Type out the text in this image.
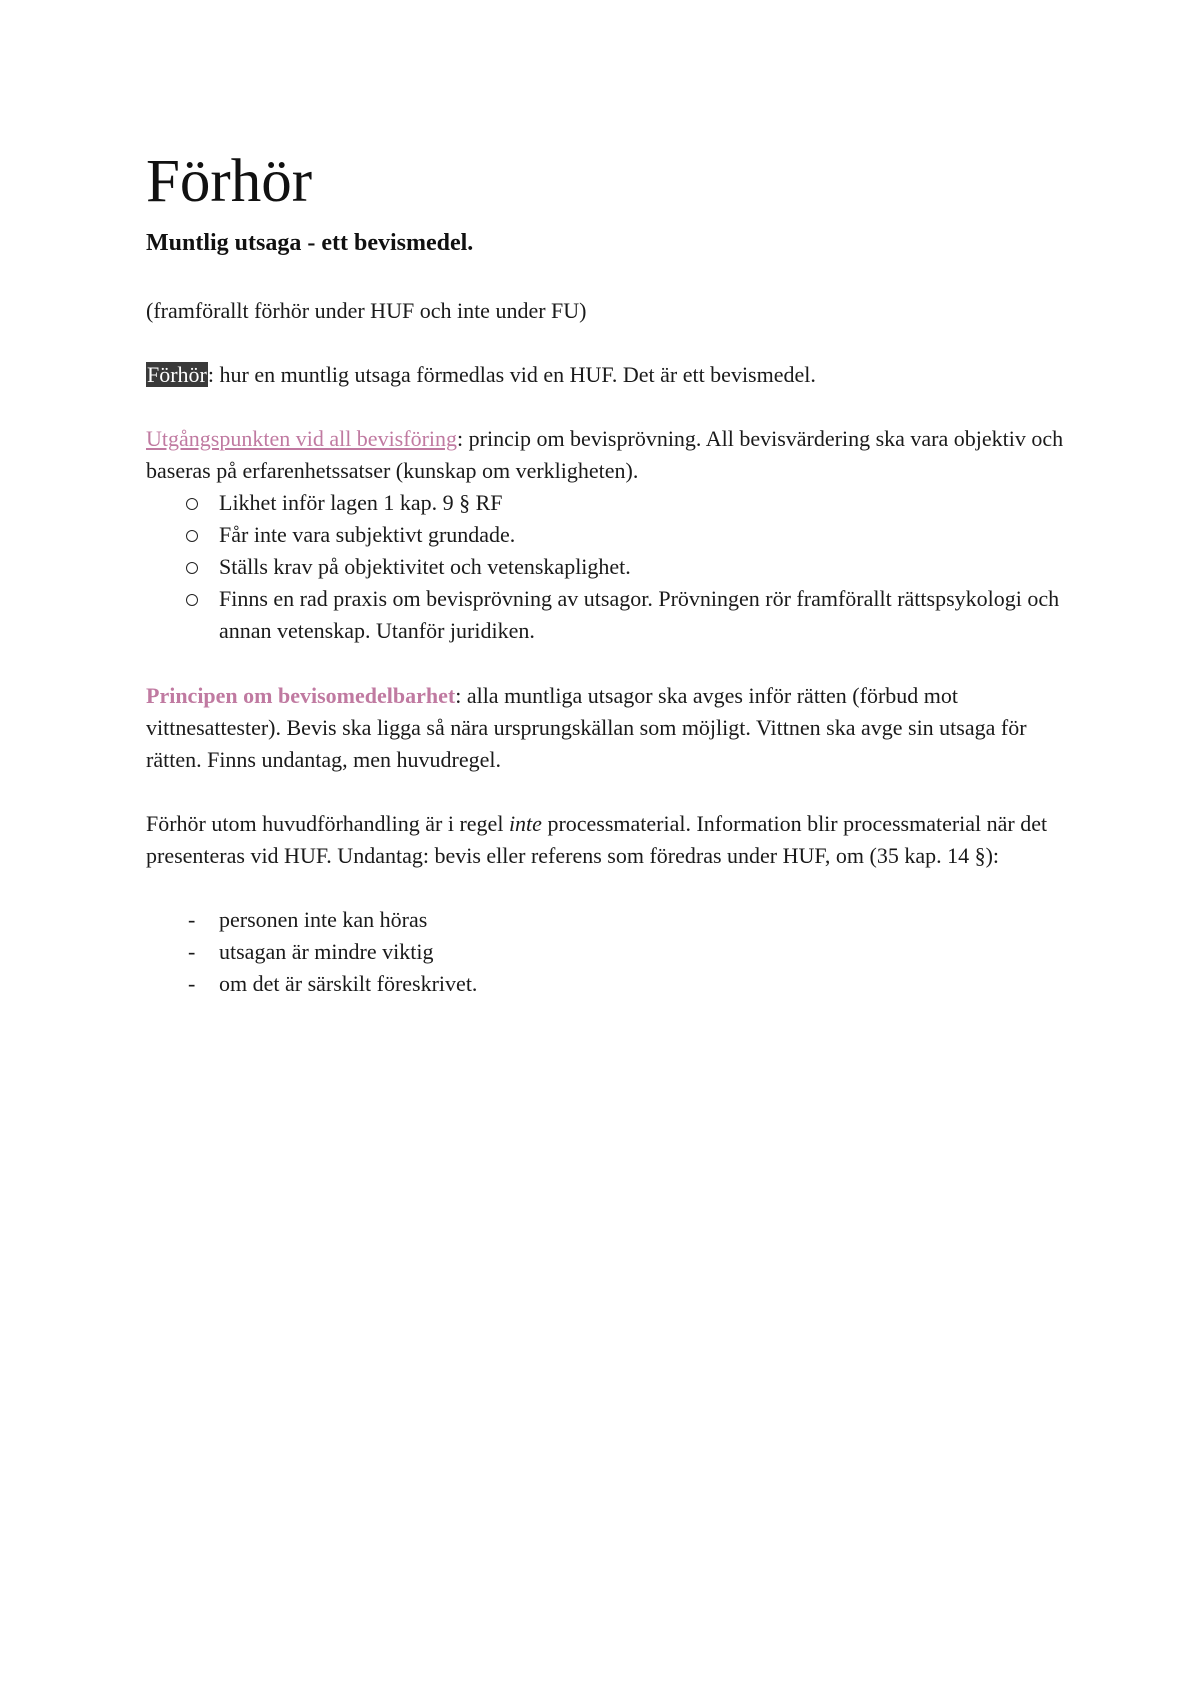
Förhör
Muntlig utsaga - ett bevismedel.

(framförallt förhör under HUF och inte under FU)

Förhör: hur en muntlig utsaga förmedlas vid en HUF. Det är ett bevismedel.

Utgångspunkten vid all bevisföring: princip om bevisprövning. All bevisvärdering ska vara objektiv och baseras på erfarenhetssatser (kunskap om verkligheten).

Likhet inför lagen 1 kap. 9 § RF
Får inte vara subjektivt grundade.
Ställs krav på objektivitet och vetenskaplighet.
Finns en rad praxis om bevisprövning av utsagor. Prövningen rör framförallt rättspsykologi och annan vetenskap. Utanför juridiken.

Principen om bevisomedelbarhet: alla muntliga utsagor ska avges inför rätten (förbud mot vittnesattester). Bevis ska ligga så nära ursprungskällan som möjligt. Vittnen ska avge sin utsaga för rätten. Finns undantag, men huvudregel.

Förhör utom huvudförhandling är i regel inte processmaterial. Information blir processmaterial när det presenteras vid HUF. Undantag: bevis eller referens som föredras under HUF, om (35 kap. 14 §):

-	personen inte kan höras
-	utsagan är mindre viktig
-	om det är särskilt föreskrivet.
